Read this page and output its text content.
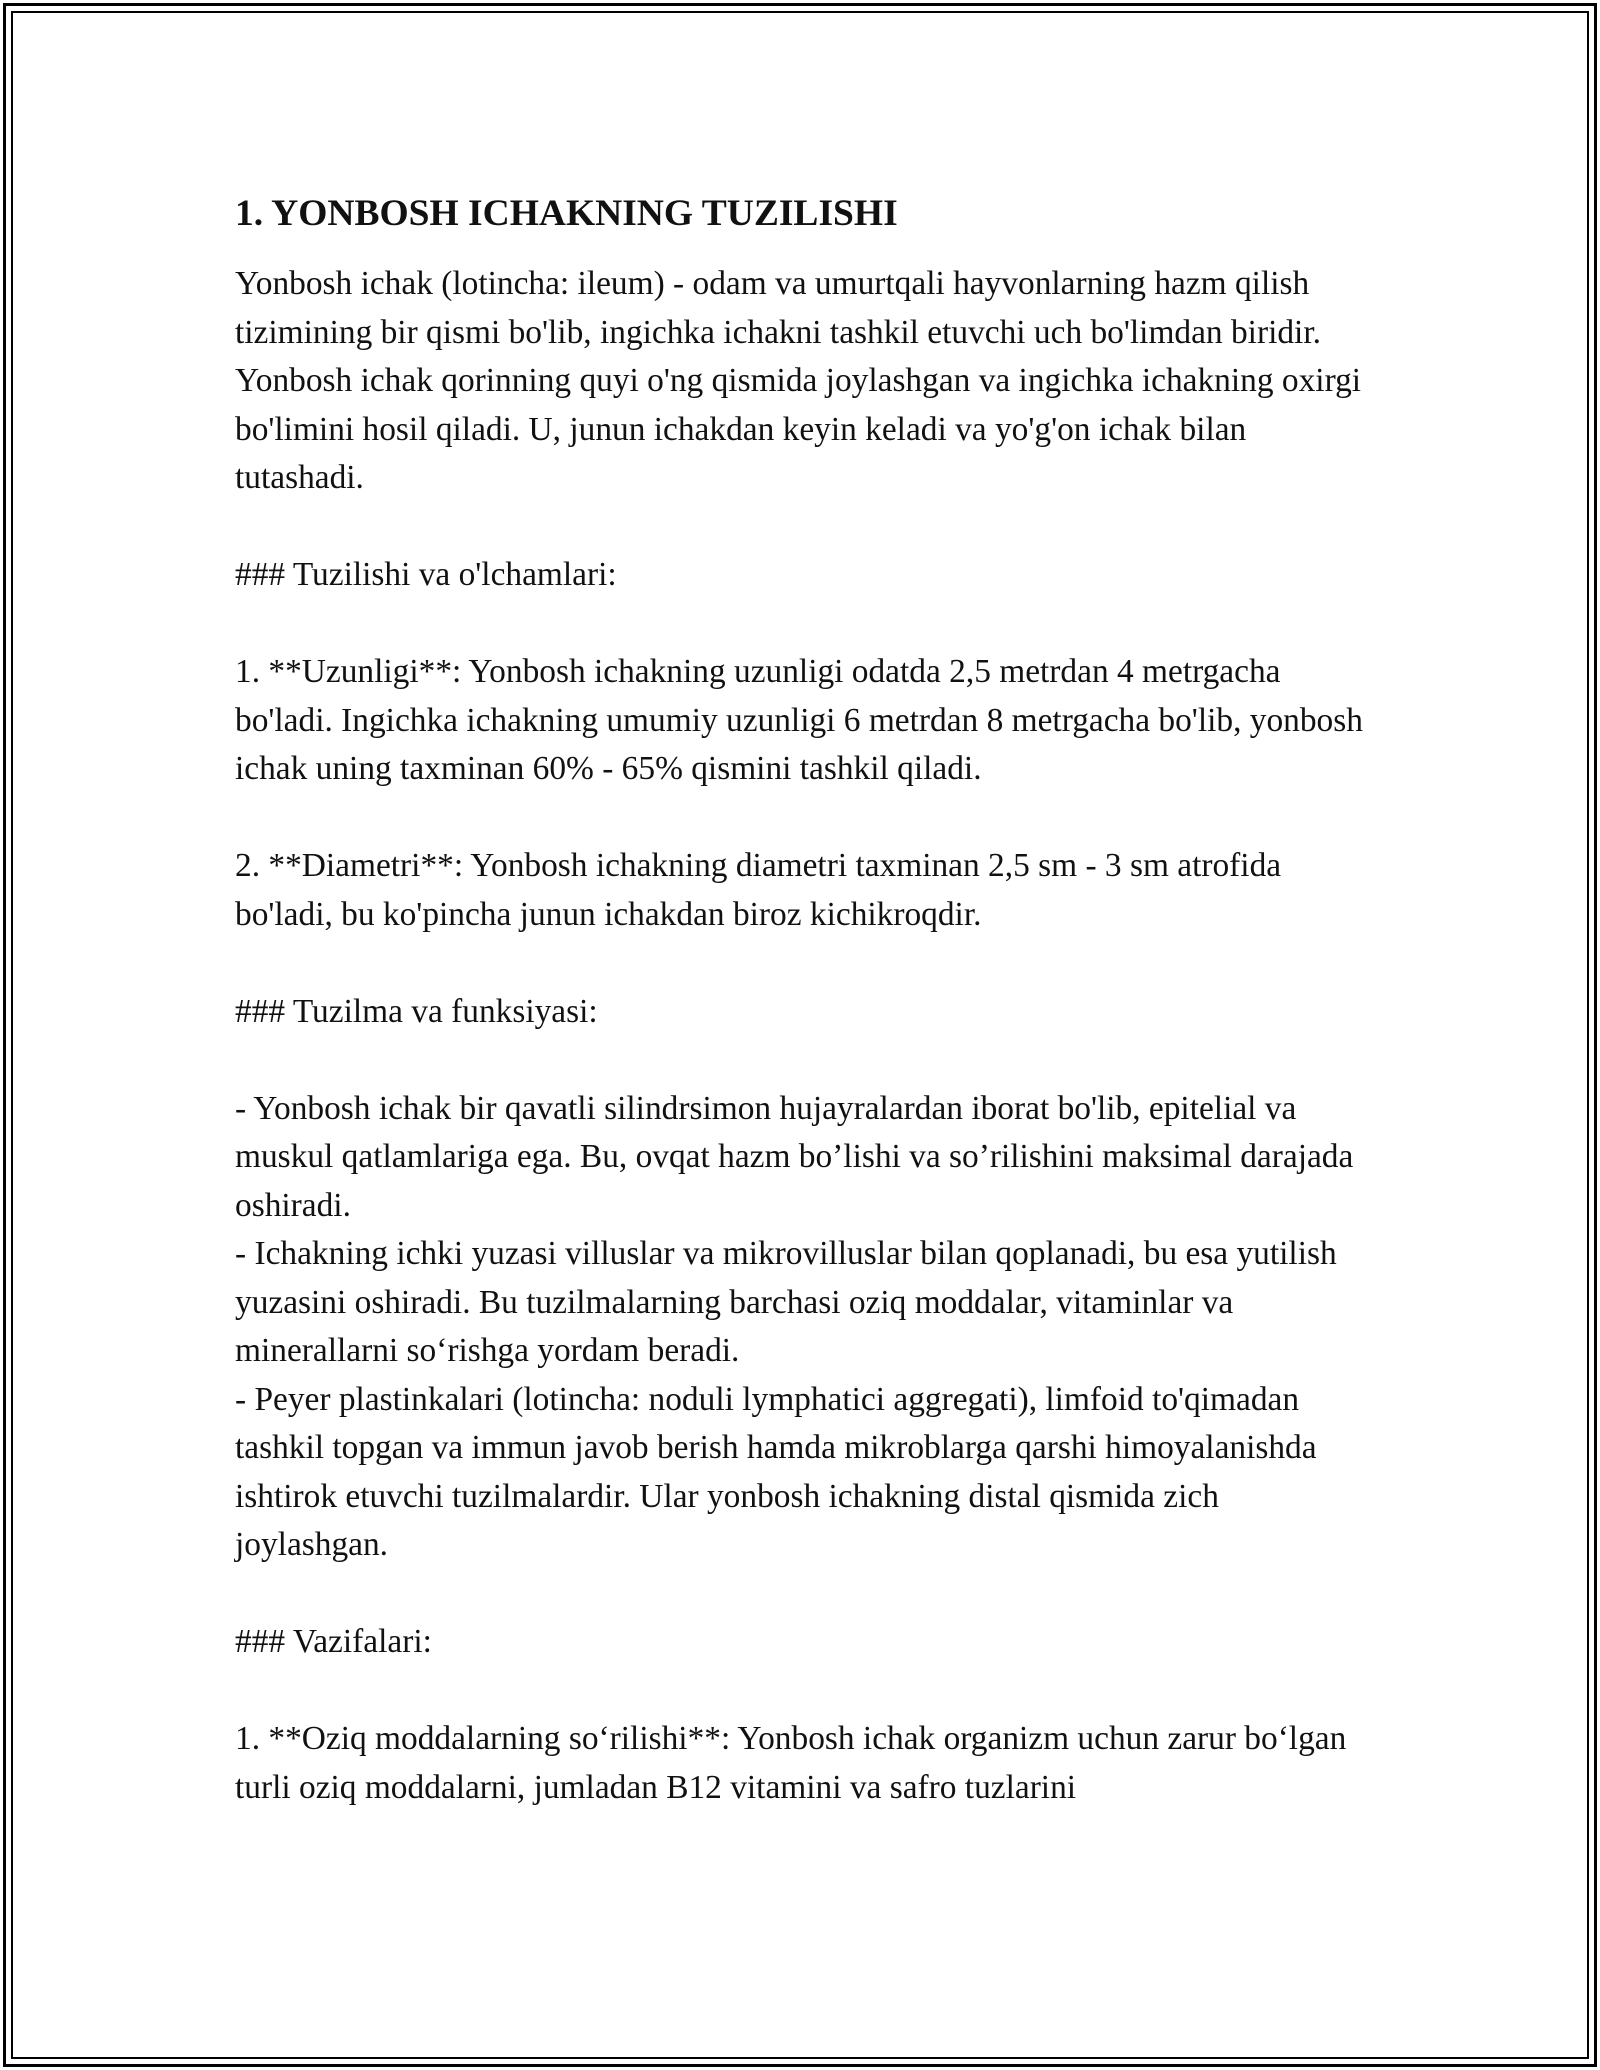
1. YONBOSH ICHAKNING TUZILISHI

Yonbosh ichak (lotincha: ileum) - odam va umurtqali hayvonlarning hazm qilish tizimining bir qismi bo'lib, ingichka ichakni tashkil etuvchi uch bo'limdan biridir. Yonbosh ichak qorinning quyi o'ng qismida joylashgan va ingichka ichakning oxirgi bo'limini hosil qiladi. U, junun ichakdan keyin keladi va yo'g'on ichak bilan tutashadi.

### Tuzilishi va o'lchamlari:

1. **Uzunligi**: Yonbosh ichakning uzunligi odatda 2,5 metrdan 4 metrgacha bo'ladi. Ingichka ichakning umumiy uzunligi 6 metrdan 8 metrgacha bo'lib, yonbosh ichak uning taxminan 60% - 65% qismini tashkil qiladi.

2. **Diametri**: Yonbosh ichakning diametri taxminan 2,5 sm - 3 sm atrofida bo'ladi, bu ko'pincha junun ichakdan biroz kichikroqdir.

### Tuzilma va funksiyasi:

- Yonbosh ichak bir qavatli silindrsimon hujayralardan iborat bo'lib, epitelial va muskul qatlamlariga ega. Bu, ovqat hazm bo’lishi va so’rilishini maksimal darajada oshiradi.

- Ichakning ichki yuzasi villuslar va mikrovilluslar bilan qoplanadi, bu esa yutilish yuzasini oshiradi. Bu tuzilmalarning barchasi oziq moddalar, vitaminlar va minerallarni so‘rishga yordam beradi.

- Peyer plastinkalari (lotincha: noduli lymphatici aggregati), limfoid to'qimadan tashkil topgan va immun javob berish hamda mikroblarga qarshi himoyalanishda ishtirok etuvchi tuzilmalardir. Ular yonbosh ichakning distal qismida zich joylashgan.

### Vazifalari:

1. **Oziq moddalarning so‘rilishi**: Yonbosh ichak organizm uchun zarur bo‘lgan turli oziq moddalarni, jumladan B12 vitamini va safro tuzlarini
